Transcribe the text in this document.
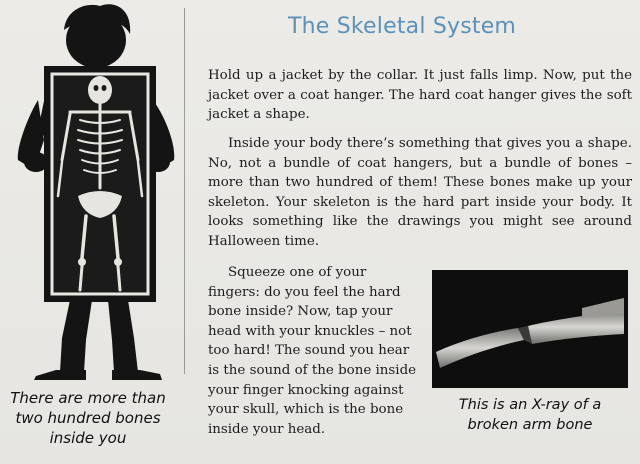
There are more than two hundred bones inside you
The Skeletal System
Hold up a jacket by the collar. It just falls limp. Now, put the jacket over a coat hanger. The hard coat hanger gives the soft jacket a shape.
Inside your body there’s something that gives you a shape. No, not a bundle of coat hangers, but a bundle of bones – more than two hundred of them! These bones make up your skeleton. Your skeleton is the hard part inside your body. It looks something like the drawings you might see around Halloween time.
Squeeze one of your fingers: do you feel the hard bone inside? Now, tap your head with your knuckles – not too hard! The sound you hear is the sound of the bone inside your finger knocking against your skull, which is the bone inside your head.
This is an X-ray of a broken arm bone
